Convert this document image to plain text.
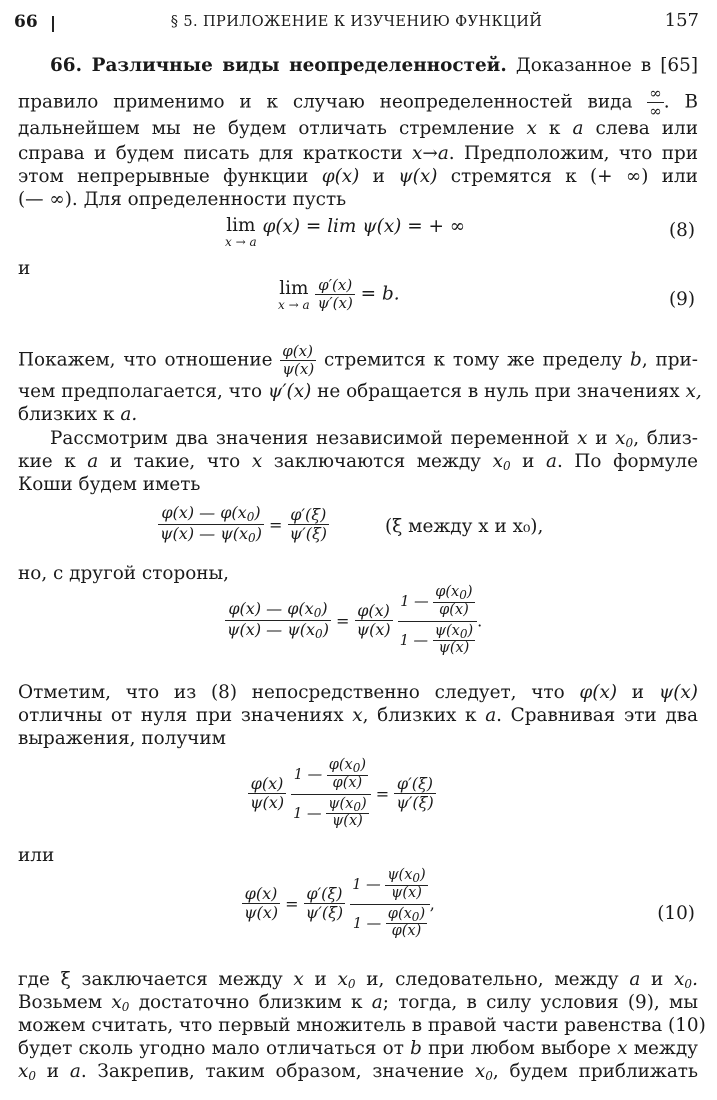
66	§ 5. ПРИЛОЖЕНИЕ К ИЗУЧЕНИЮ ФУНКЦИЙ	157
66. Различные виды неопределенностей. Доказанное в [65]
правило применимо и к случаю неопределенностей вида ∞
∞ . В
дальнейшем мы не будем отличать стремление x к a слева или
справа и будем писать для краткости x→a. Предположим, что при
этом непрерывные функции φ(x) и ψ(x) стремятся к (+ ∞) или
(— ∞). Для определенности пусть
lim
x → a
φ(x) = lim ψ(x) = + ∞	(8)
и
lim
x → a
$\frac{\varphi'(x)}{\psi'(x)} = b$.	(9)
Покажем, что отношение $\frac{\varphi(x)}{\psi(x)}$ стремится к тому же пределу b, при-
чем предполагается, что ψ′(x) не обращается в нуль при значениях x,
близких к a.
Рассмотрим два значения независимой переменной x и $x_0$, близ-
кие к a и такие, что x заключаются между $x_0$ и a. По формуле
Коши будем иметь
$\frac{\varphi(x) — \varphi(x_0)}{\psi(x) — \psi(x_0)} = \frac{\varphi'(\xi)}{\psi'(\xi)}$	(ξ между x и x₀),
но, с другой стороны,
$\frac{\varphi(x) — \varphi(x_0)}{\psi(x) — \psi(x_0)} = \frac{\varphi(x)}{\psi(x)}$
$\frac{1 — \frac{\varphi(x_0)}{\varphi(x)}}{1 — \frac{\psi(x_0)}{\psi(x)}}$ .
Отметим, что из (8) непосредственно следует, что φ(x) и ψ(x)
отличны от нуля при значениях x, близких к a. Сравнивая эти два
выражения, получим
$\frac{\varphi(x)}{\psi(x)}$
$\frac{1 — \frac{\varphi(x_0)}{\varphi(x)}}{1 — \frac{\psi(x_0)}{\psi(x)}} = \frac{\varphi'(\xi)}{\psi'(\xi)}$
или
$\frac{\varphi(x)}{\psi(x)} = \frac{\varphi'(\xi)}{\psi'(\xi)}$
$\frac{1 — \frac{\psi(x_0)}{\psi(x)}}{1 — \frac{\varphi(x_0)}{\varphi(x)}}$ ,	(10)
где ξ заключается между x и $x_0$ и, следовательно, между a и $x_0$.
Возьмем $x_0$ достаточно близким к a; тогда, в силу условия (9), мы
можем считать, что первый множитель в правой части равенства (10)
будет сколь угодно мало отличаться от b при любом выборе x между
$x_0$ и a. Закрепив, таким образом, значение $x_0$, будем приближать
